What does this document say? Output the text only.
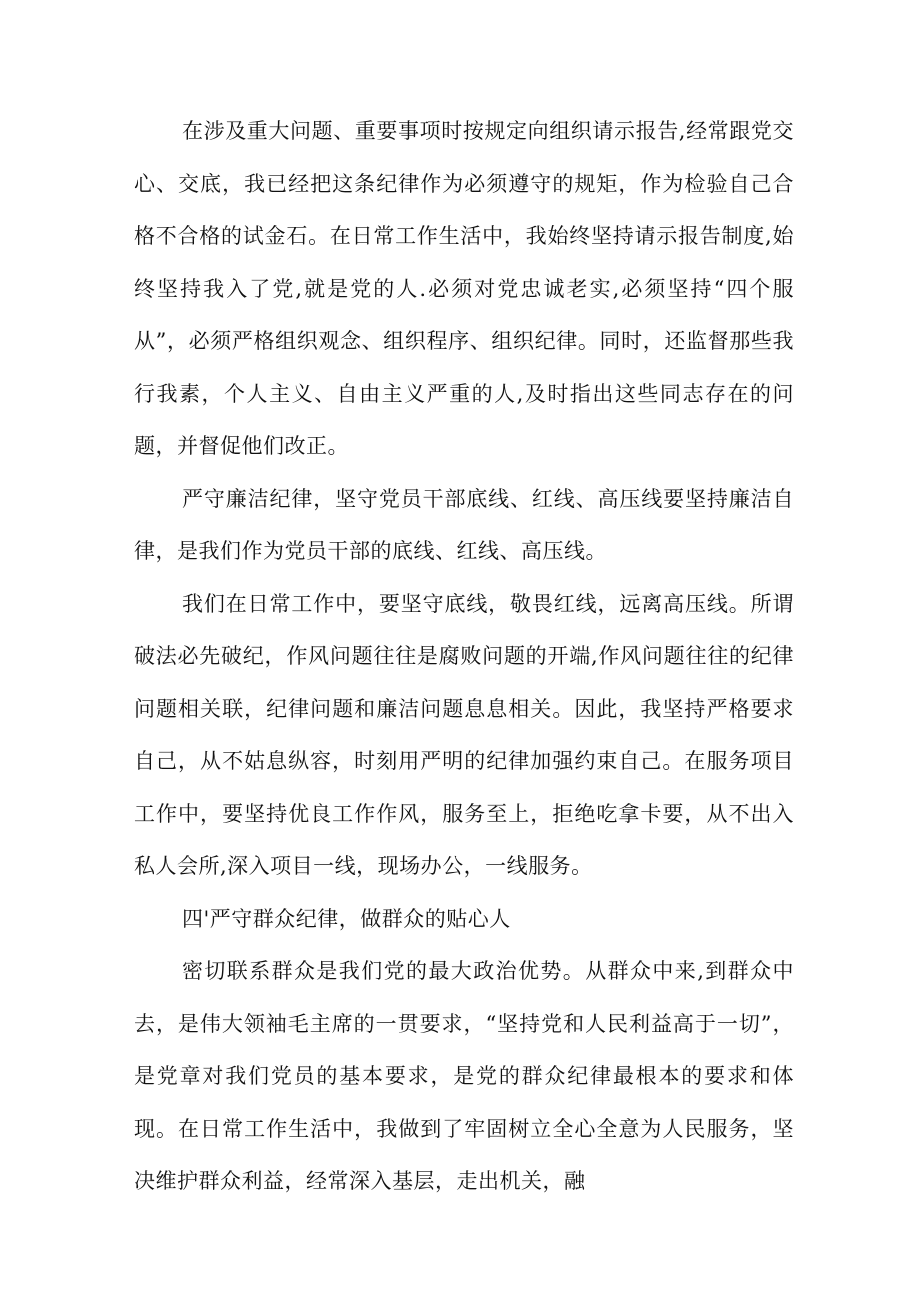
在涉及重大问题、重要事项时按规定向组织请示报告,经常跟党交心、交底，我已经把这条纪律作为必须遵守的规矩，作为检验自己合格不合格的试金石。在日常工作生活中，我始终坚持请示报告制度,始终坚持我入了党,就是党的人.必须对党忠诚老实,必须坚持“四个服从”，必须严格组织观念、组织程序、组织纪律。同时，还监督那些我行我素，个人主义、自由主义严重的人,及时指出这些同志存在的问题，并督促他们改正。

严守廉洁纪律，坚守党员干部底线、红线、高压线要坚持廉洁自律，是我们作为党员干部的底线、红线、高压线。

我们在日常工作中，要坚守底线，敬畏红线，远离高压线。所谓破法必先破纪，作风问题往往是腐败问题的开端,作风问题往往的纪律问题相关联，纪律问题和廉洁问题息息相关。因此，我坚持严格要求自己，从不姑息纵容，时刻用严明的纪律加强约束自己。在服务项目工作中，要坚持优良工作作风，服务至上，拒绝吃拿卡要，从不出入私人会所,深入项目一线，现场办公，一线服务。

四'严守群众纪律，做群众的贴心人

密切联系群众是我们党的最大政治优势。从群众中来,到群众中去，是伟大领袖毛主席的一贯要求，“坚持党和人民利益高于一切”，是党章对我们党员的基本要求，是党的群众纪律最根本的要求和体现。在日常工作生活中，我做到了牢固树立全心全意为人民服务，坚决维护群众利益，经常深入基层，走出机关，融
